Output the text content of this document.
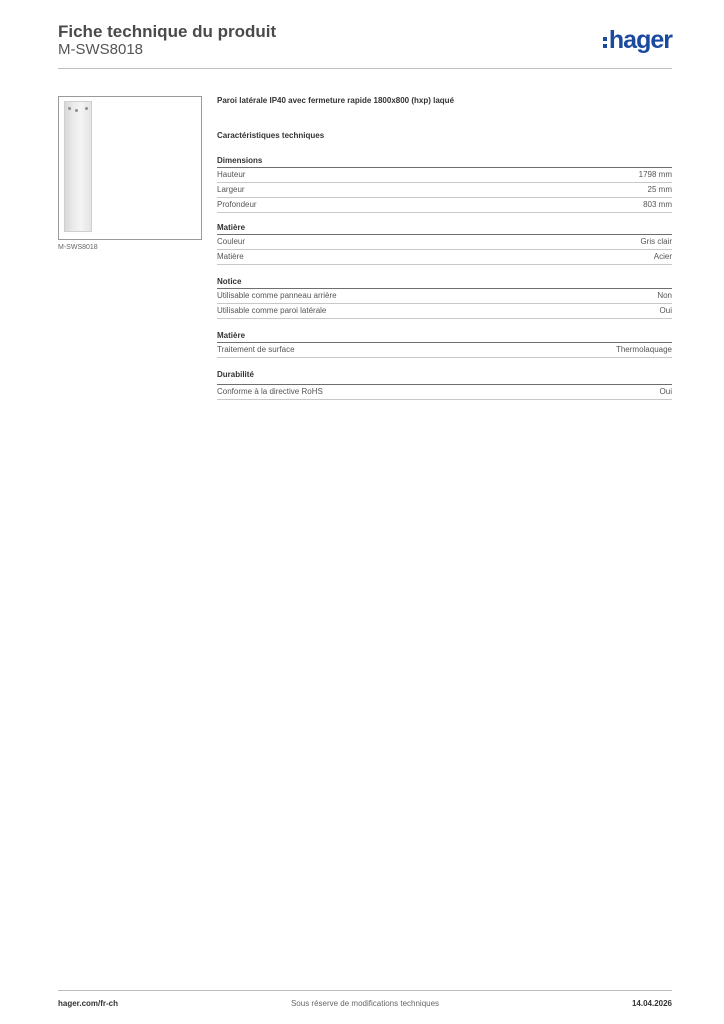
Fiche technique du produit
M-SWS8018	hager
M-SWS8018
Paroi latérale IP40 avec fermeture rapide 1800x800 (hxp) laqué
Caractéristiques techniques
Dimensions
Hauteur	1798 mm
Largeur	25 mm
Profondeur	803 mm
Matière
Couleur	Gris clair
Matière	Acier
Notice
Utilisable comme panneau arrière	Non
Utilisable comme paroi latérale	Oui
Matière
Traitement de surface	Thermolaquage
Durabilité
Conforme à la directive RoHS	Oui
hager.com/fr-ch	Sous réserve de modifications techniques	14.04.2026
